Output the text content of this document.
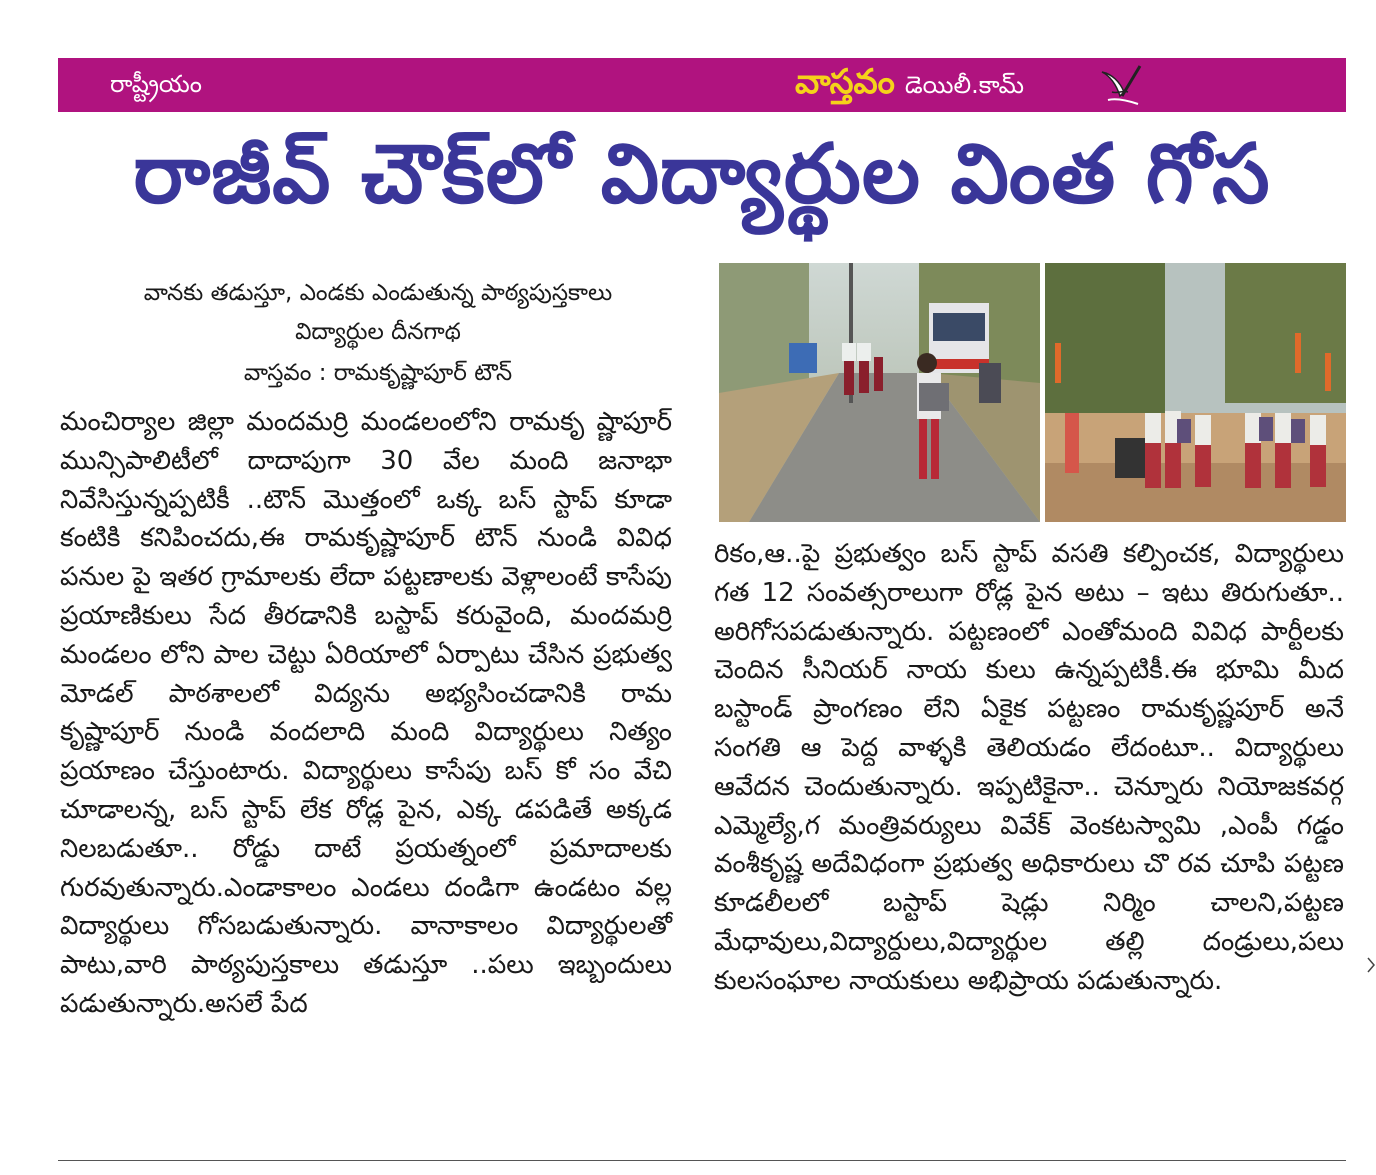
రాష్ట్రీయం	వాస్తవం డెయిలీ.కామ్
రాజీవ్ చౌక్‌లో విద్యార్థుల వింత గోస
వానకు తడుస్తూ, ఎండకు ఎండుతున్న పాఠ్యపుస్తకాలు
విద్యార్థుల దీనగాథ
వాస్తవం : రామకృష్ణాపూర్ టౌన్

మంచిర్యాల జిల్లా మందమర్రి మండలంలోని రామకృ ష్ణాపూర్ మున్సిపాలిటీలో దాదాపుగా 30 వేల మంది జనాభా నివేసిస్తున్నప్పటికీ ..టౌన్ మొత్తంలో ఒక్క బస్ స్టాప్ కూడా కంటికి కనిపించదు,ఈ రామకృష్ణాపూర్ టౌన్ నుండి వివిధ పనుల పై ఇతర గ్రామాలకు లేదా పట్టణాలకు వెళ్లాలంటే కాసేపు ప్రయాణికులు సేద తీరడానికి బస్టాప్ కరువైంది, మందమర్రి మండలం లోని పాల చెట్టు ఏరియాలో ఏర్పాటు చేసిన ప్రభుత్వ మోడల్ పాఠశాలలో విద్యను అభ్యసించడానికి రామ కృష్ణాపూర్ నుండి వందలాది మంది విద్యార్థులు నిత్యం ప్రయాణం చేస్తుంటారు. విద్యార్థులు కాసేపు బస్ కో సం వేచి చూడాలన్న, బస్ స్టాప్ లేక రోడ్ల పైన, ఎక్క డపడితే అక్కడ నిలబడుతూ.. రోడ్డు దాటే ప్రయత్నంలో ప్రమాదాలకు గురవుతున్నారు.ఎండాకాలం ఎండలు దండిగా ఉండటం వల్ల విద్యార్థులు గోసబడుతున్నారు. వానాకాలం విద్యార్థులతో పాటు,వారి పాఠ్యపుస్తకాలు తడుస్తూ ..పలు ఇబ్బందులు పడుతున్నారు.అసలే పేద

రికం,ఆ..పై ప్రభుత్వం బస్ స్టాప్ వసతి కల్పించక, విద్యార్థులు గత 12 సంవత్సరాలుగా రోడ్ల పైన అటు – ఇటు తిరుగుతూ.. అరిగోసపడుతున్నారు. పట్టణంలో ఎంతోమంది వివిధ పార్టీలకు చెందిన సీనియర్ నాయ కులు ఉన్నప్పటికీ.ఈ భూమి మీద బస్టాండ్ ప్రాంగణం లేని ఏకైక పట్టణం రామకృష్ణపూర్ అనే సంగతి ఆ పెద్ద వాళ్ళకి తెలియడం లేదంటూ.. విద్యార్థులు ఆవేదన చెందుతున్నారు. ఇప్పటికైనా.. చెన్నూరు నియోజకవర్గ ఎమ్మెల్యే,గ మంత్రివర్యులు వివేక్ వెంకటస్వామి ,ఎంపీ గడ్డం వంశీకృష్ణ అదేవిధంగా ప్రభుత్వ అధికారులు చొ రవ చూపి పట్టణ కూడలీలలో బస్టాప్ షెడ్లు నిర్మిం చాలని,పట్టణ మేధావులు,విద్యార్దులు,విద్యార్థుల తల్లి దండ్రులు,పలు కులసంఘాల నాయకులు అభిప్రాయ పడుతున్నారు.
